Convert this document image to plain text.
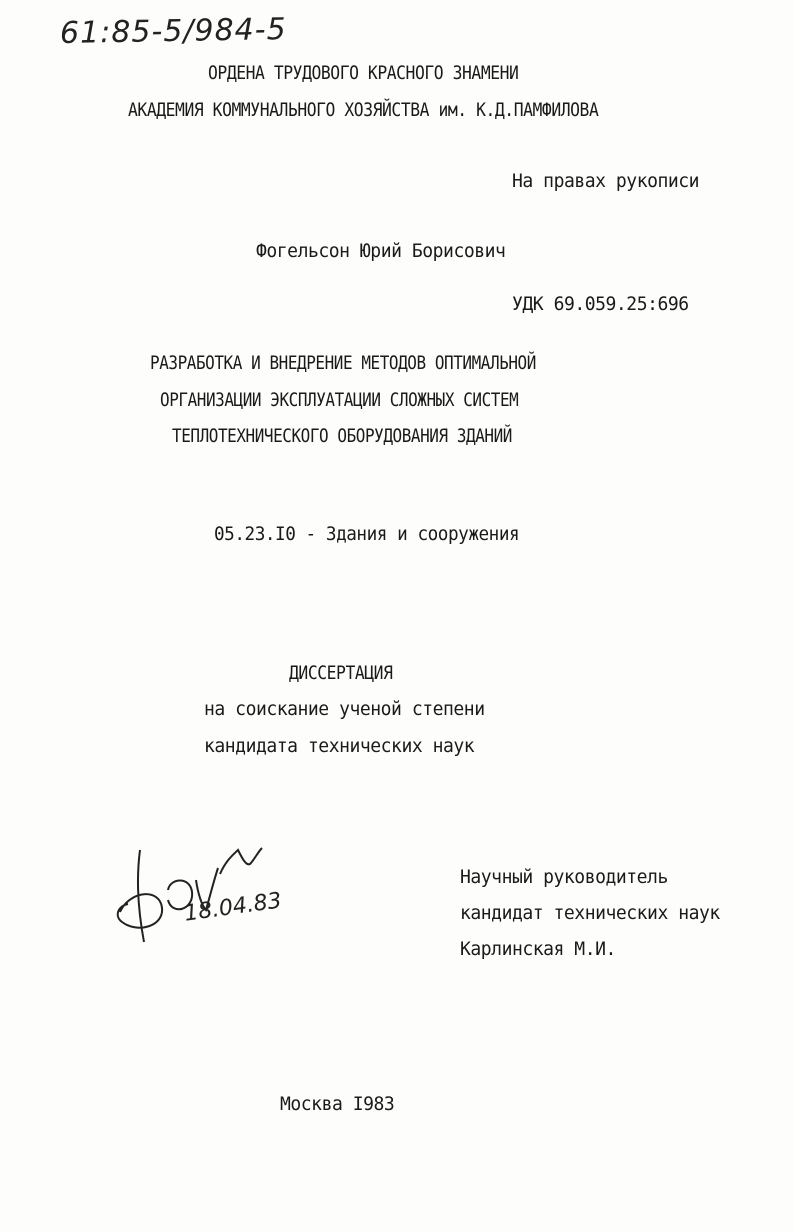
61:85-5/984-5
ОРДЕНА ТРУДОВОГО КРАСНОГО ЗНАМЕНИ
АКАДЕМИЯ КОММУНАЛЬНОГО ХОЗЯЙСТВА им. К.Д.ПАМФИЛОВА
На правах рукописи
Фогельсон Юрий Борисович
УДК 69.059.25:696
РАЗРАБОТКА И ВНЕДРЕНИЕ МЕТОДОВ ОПТИМАЛЬНОЙ
ОРГАНИЗАЦИИ ЭКСПЛУАТАЦИИ СЛОЖНЫХ СИСТЕМ
ТЕПЛОТЕХНИЧЕСКОГО ОБОРУДОВАНИЯ ЗДАНИЙ
05.23.I0 - Здания и сооружения
ДИССЕРТАЦИЯ
на соискание ученой степени
кандидата технических наук
18.04.83
Научный руководитель
кандидат технических наук
Карлинская М.И.
Москва I983
